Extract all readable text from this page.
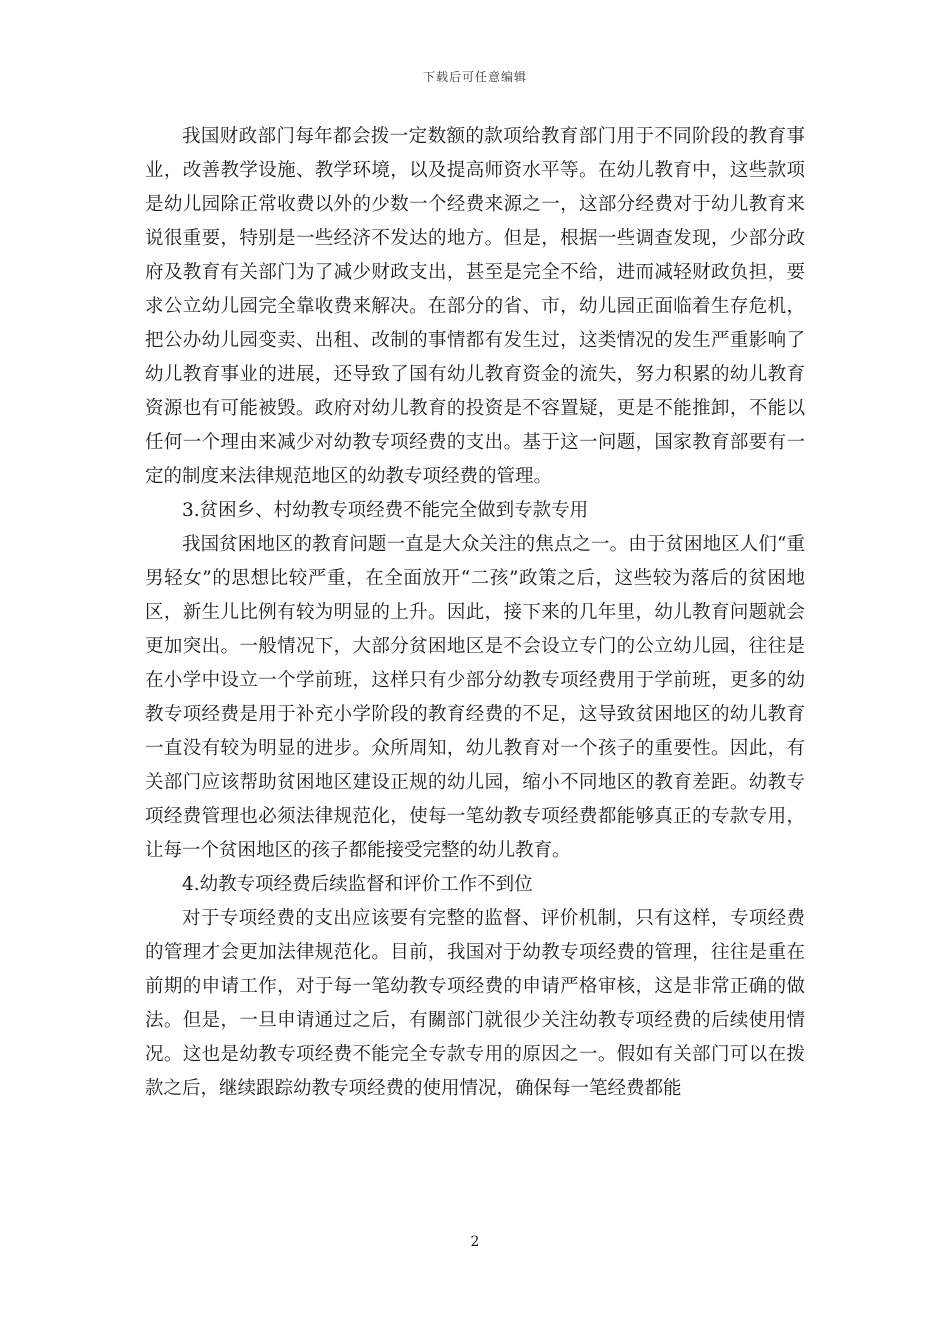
下载后可任意编辑

我国财政部门每年都会拨一定数额的款项给教育部门用于不同阶段的教育事业，改善教学设施、教学环境，以及提高师资水平等。在幼儿教育中，这些款项是幼儿园除正常收费以外的少数一个经费来源之一，这部分经费对于幼儿教育来说很重要，特别是一些经济不发达的地方。但是，根据一些调查发现，少部分政府及教育有关部门为了减少财政支出，甚至是完全不给，进而减轻财政负担，要求公立幼儿园完全靠收费来解决。在部分的省、市，幼儿园正面临着生存危机，把公办幼儿园变卖、出租、改制的事情都有发生过，这类情况的发生严重影响了幼儿教育事业的进展，还导致了国有幼儿教育资金的流失，努力积累的幼儿教育资源也有可能被毁。政府对幼儿教育的投资是不容置疑，更是不能推卸，不能以任何一个理由来减少对幼教专项经费的支出。基于这一问题，国家教育部要有一定的制度来法律规范地区的幼教专项经费的管理。

3.贫困乡、村幼教专项经费不能完全做到专款专用

我国贫困地区的教育问题一直是大众关注的焦点之一。由于贫困地区人们“重男轻女”的思想比较严重，在全面放开“二孩”政策之后，这些较为落后的贫困地区，新生儿比例有较为明显的上升。因此，接下来的几年里，幼儿教育问题就会更加突出。一般情况下，大部分贫困地区是不会设立专门的公立幼儿园，往往是在小学中设立一个学前班，这样只有少部分幼教专项经费用于学前班，更多的幼教专项经费是用于补充小学阶段的教育经费的不足，这导致贫困地区的幼儿教育一直没有较为明显的进步。众所周知，幼儿教育对一个孩子的重要性。因此，有关部门应该帮助贫困地区建设正规的幼儿园，缩小不同地区的教育差距。幼教专项经费管理也必须法律规范化，使每一笔幼教专项经费都能够真正的专款专用，让每一个贫困地区的孩子都能接受完整的幼儿教育。

4.幼教专项经费后续监督和评价工作不到位

对于专项经费的支出应该要有完整的监督、评价机制，只有这样，专项经费的管理才会更加法律规范化。目前，我国对于幼教专项经费的管理，往往是重在前期的申请工作，对于每一笔幼教专项经费的申请严格审核，这是非常正确的做法。但是，一旦申请通过之后，有關部门就很少关注幼教专项经费的后续使用情况。这也是幼教专项经费不能完全专款专用的原因之一。假如有关部门可以在拨款之后，继续跟踪幼教专项经费的使用情况，确保每一笔经费都能

2
